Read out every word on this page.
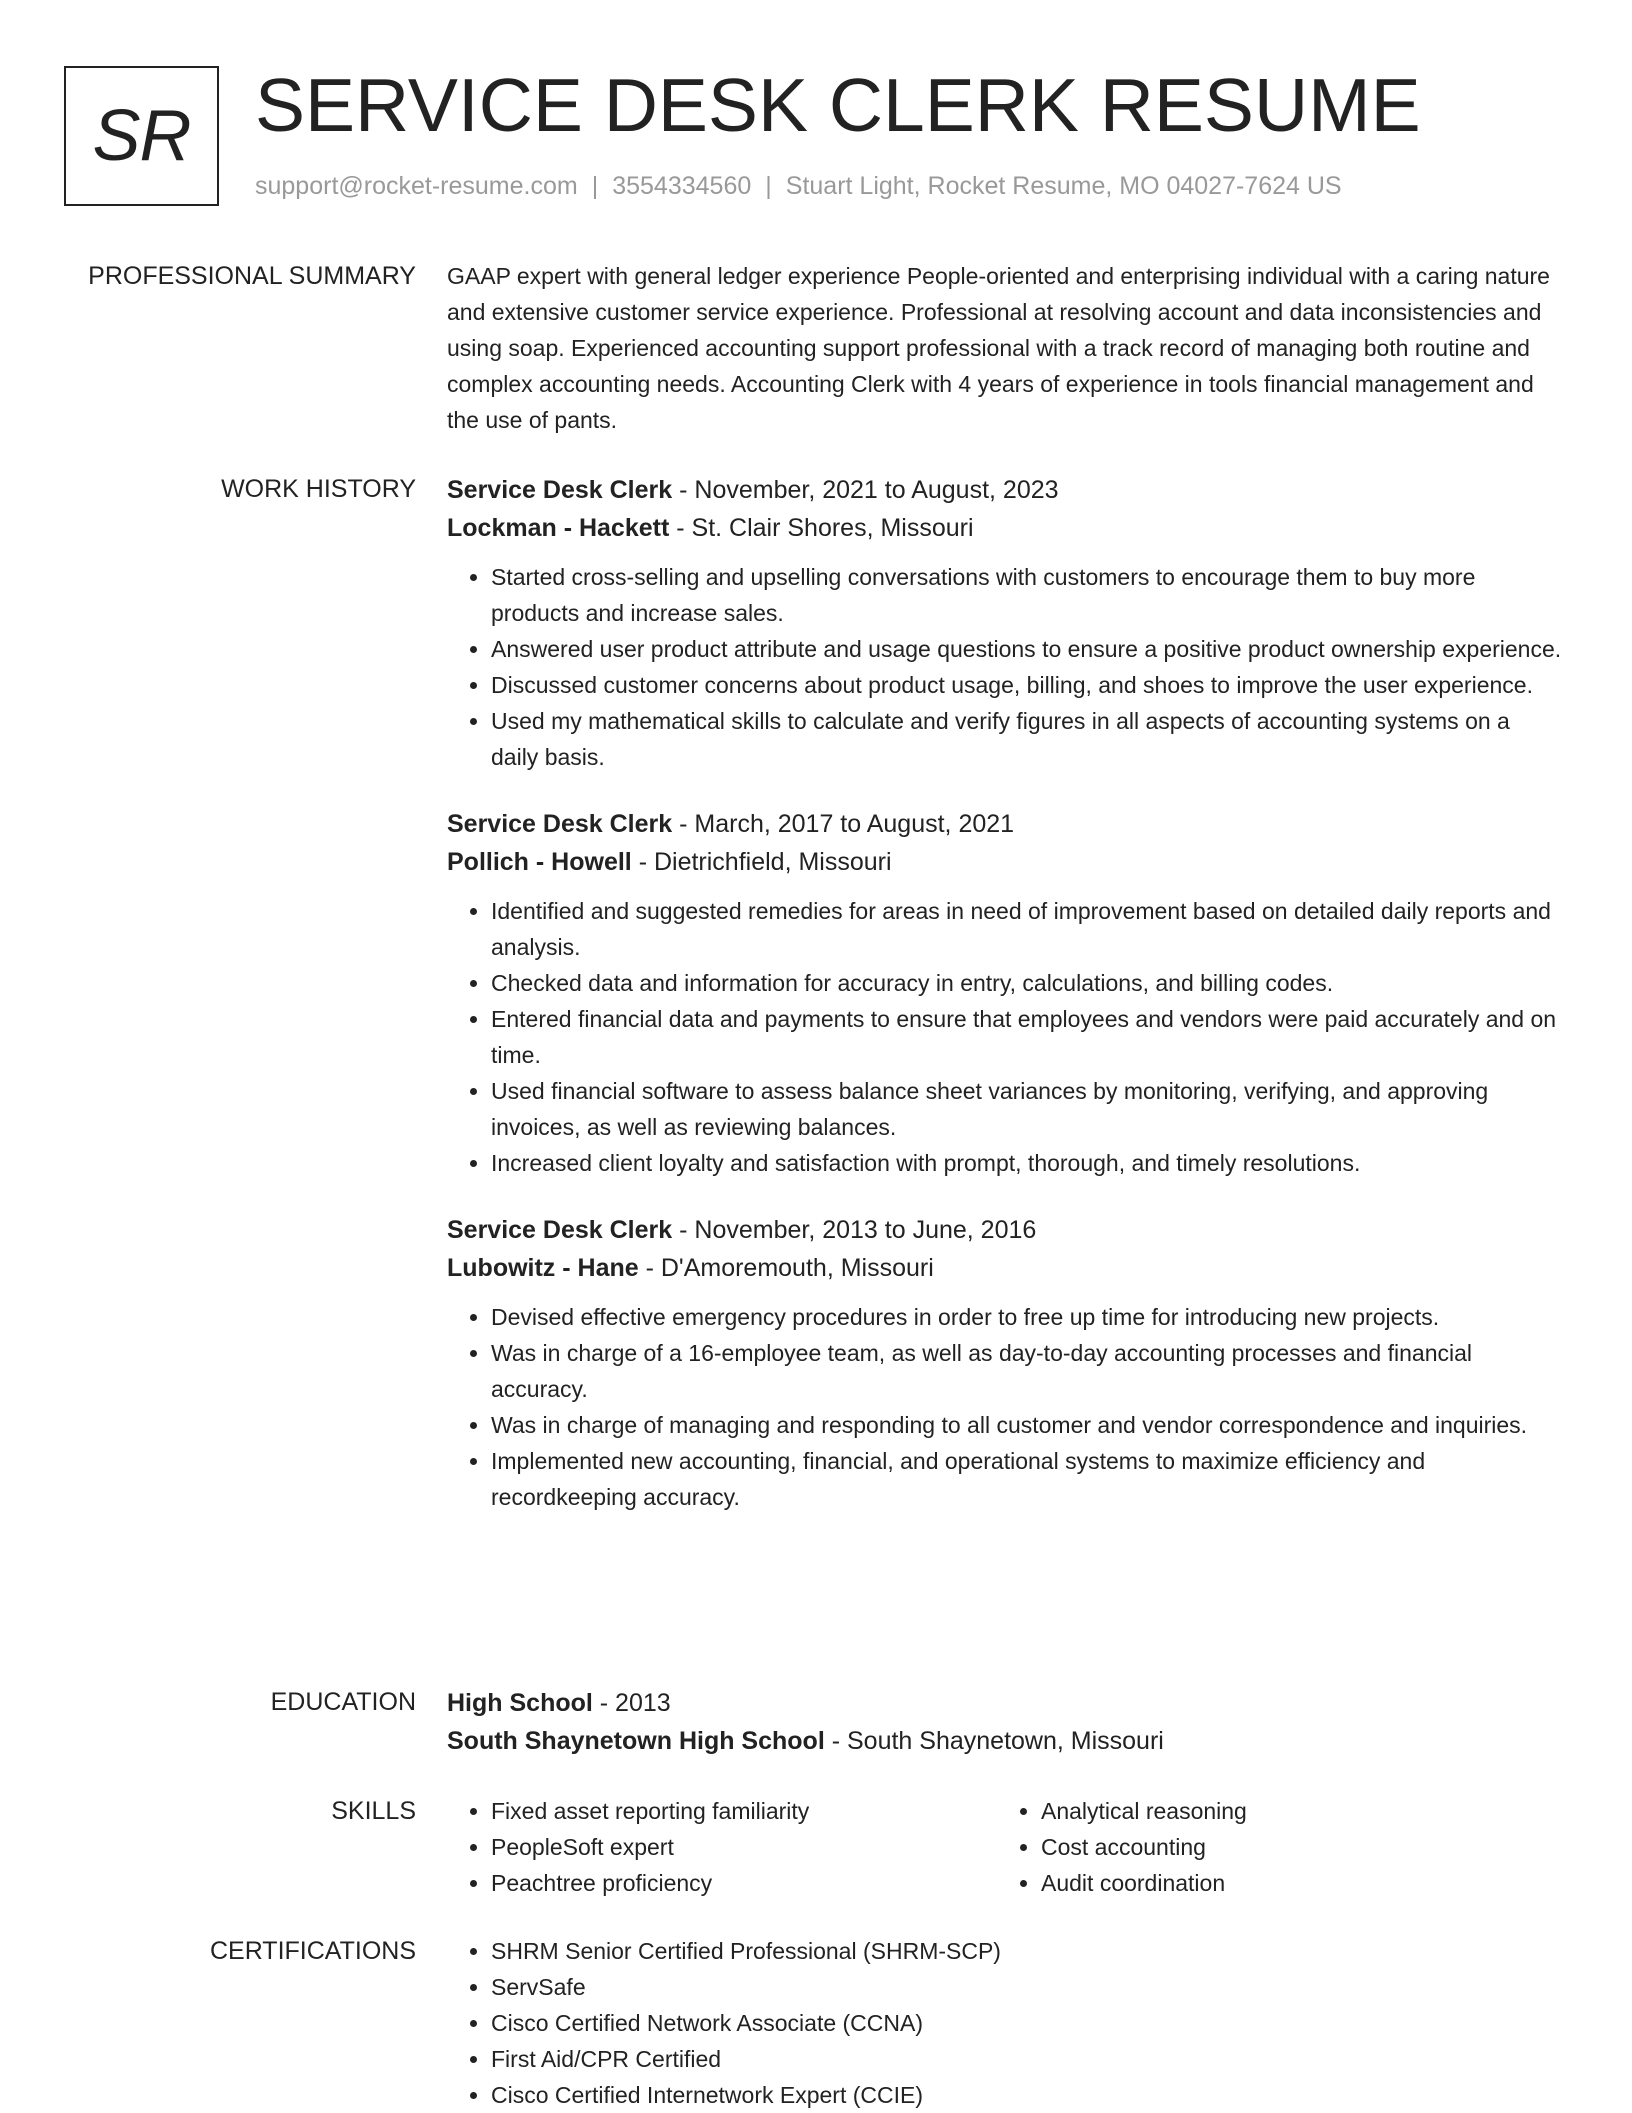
SR SERVICE DESK CLERK RESUME
support@rocket-resume.com | 3554334560 | Stuart Light, Rocket Resume, MO 04027-7624 US
PROFESSIONAL SUMMARY GAAP expert with general ledger experience People-oriented and enterprising individual with a caring nature and extensive customer service experience. Professional at resolving account and data inconsistencies and using soap. Experienced accounting support professional with a track record of managing both routine and complex accounting needs. Accounting Clerk with 4 years of experience in tools financial management and the use of pants.
WORK HISTORY Service Desk Clerk - November, 2021 to August, 2023
Lockman - Hackett - St. Clair Shores, Missouri
• Started cross-selling and upselling conversations with customers to encourage them to buy more products and increase sales.
• Answered user product attribute and usage questions to ensure a positive product ownership experience.
• Discussed customer concerns about product usage, billing, and shoes to improve the user experience.
• Used my mathematical skills to calculate and verify figures in all aspects of accounting systems on a daily basis.
Service Desk Clerk - March, 2017 to August, 2021
Pollich - Howell - Dietrichfield, Missouri
• Identified and suggested remedies for areas in need of improvement based on detailed daily reports and analysis.
• Checked data and information for accuracy in entry, calculations, and billing codes.
• Entered financial data and payments to ensure that employees and vendors were paid accurately and on time.
• Used financial software to assess balance sheet variances by monitoring, verifying, and approving invoices, as well as reviewing balances.
• Increased client loyalty and satisfaction with prompt, thorough, and timely resolutions.
Service Desk Clerk - November, 2013 to June, 2016
Lubowitz - Hane - D'Amoremouth, Missouri
• Devised effective emergency procedures in order to free up time for introducing new projects.
• Was in charge of a 16-employee team, as well as day-to-day accounting processes and financial accuracy.
• Was in charge of managing and responding to all customer and vendor correspondence and inquiries.
• Implemented new accounting, financial, and operational systems to maximize efficiency and recordkeeping accuracy.
EDUCATION High School - 2013
South Shaynetown High School - South Shaynetown, Missouri
SKILLS	• Fixed asset reporting familiarity
• PeopleSoft expert
• Peachtree proficiency
• Analytical reasoning
• Cost accounting
• Audit coordination
CERTIFICATIONS	• SHRM Senior Certified Professional (SHRM-SCP)
• ServSafe
• Cisco Certified Network Associate (CCNA)
• First Aid/CPR Certified
• Cisco Certified Internetwork Expert (CCIE)
